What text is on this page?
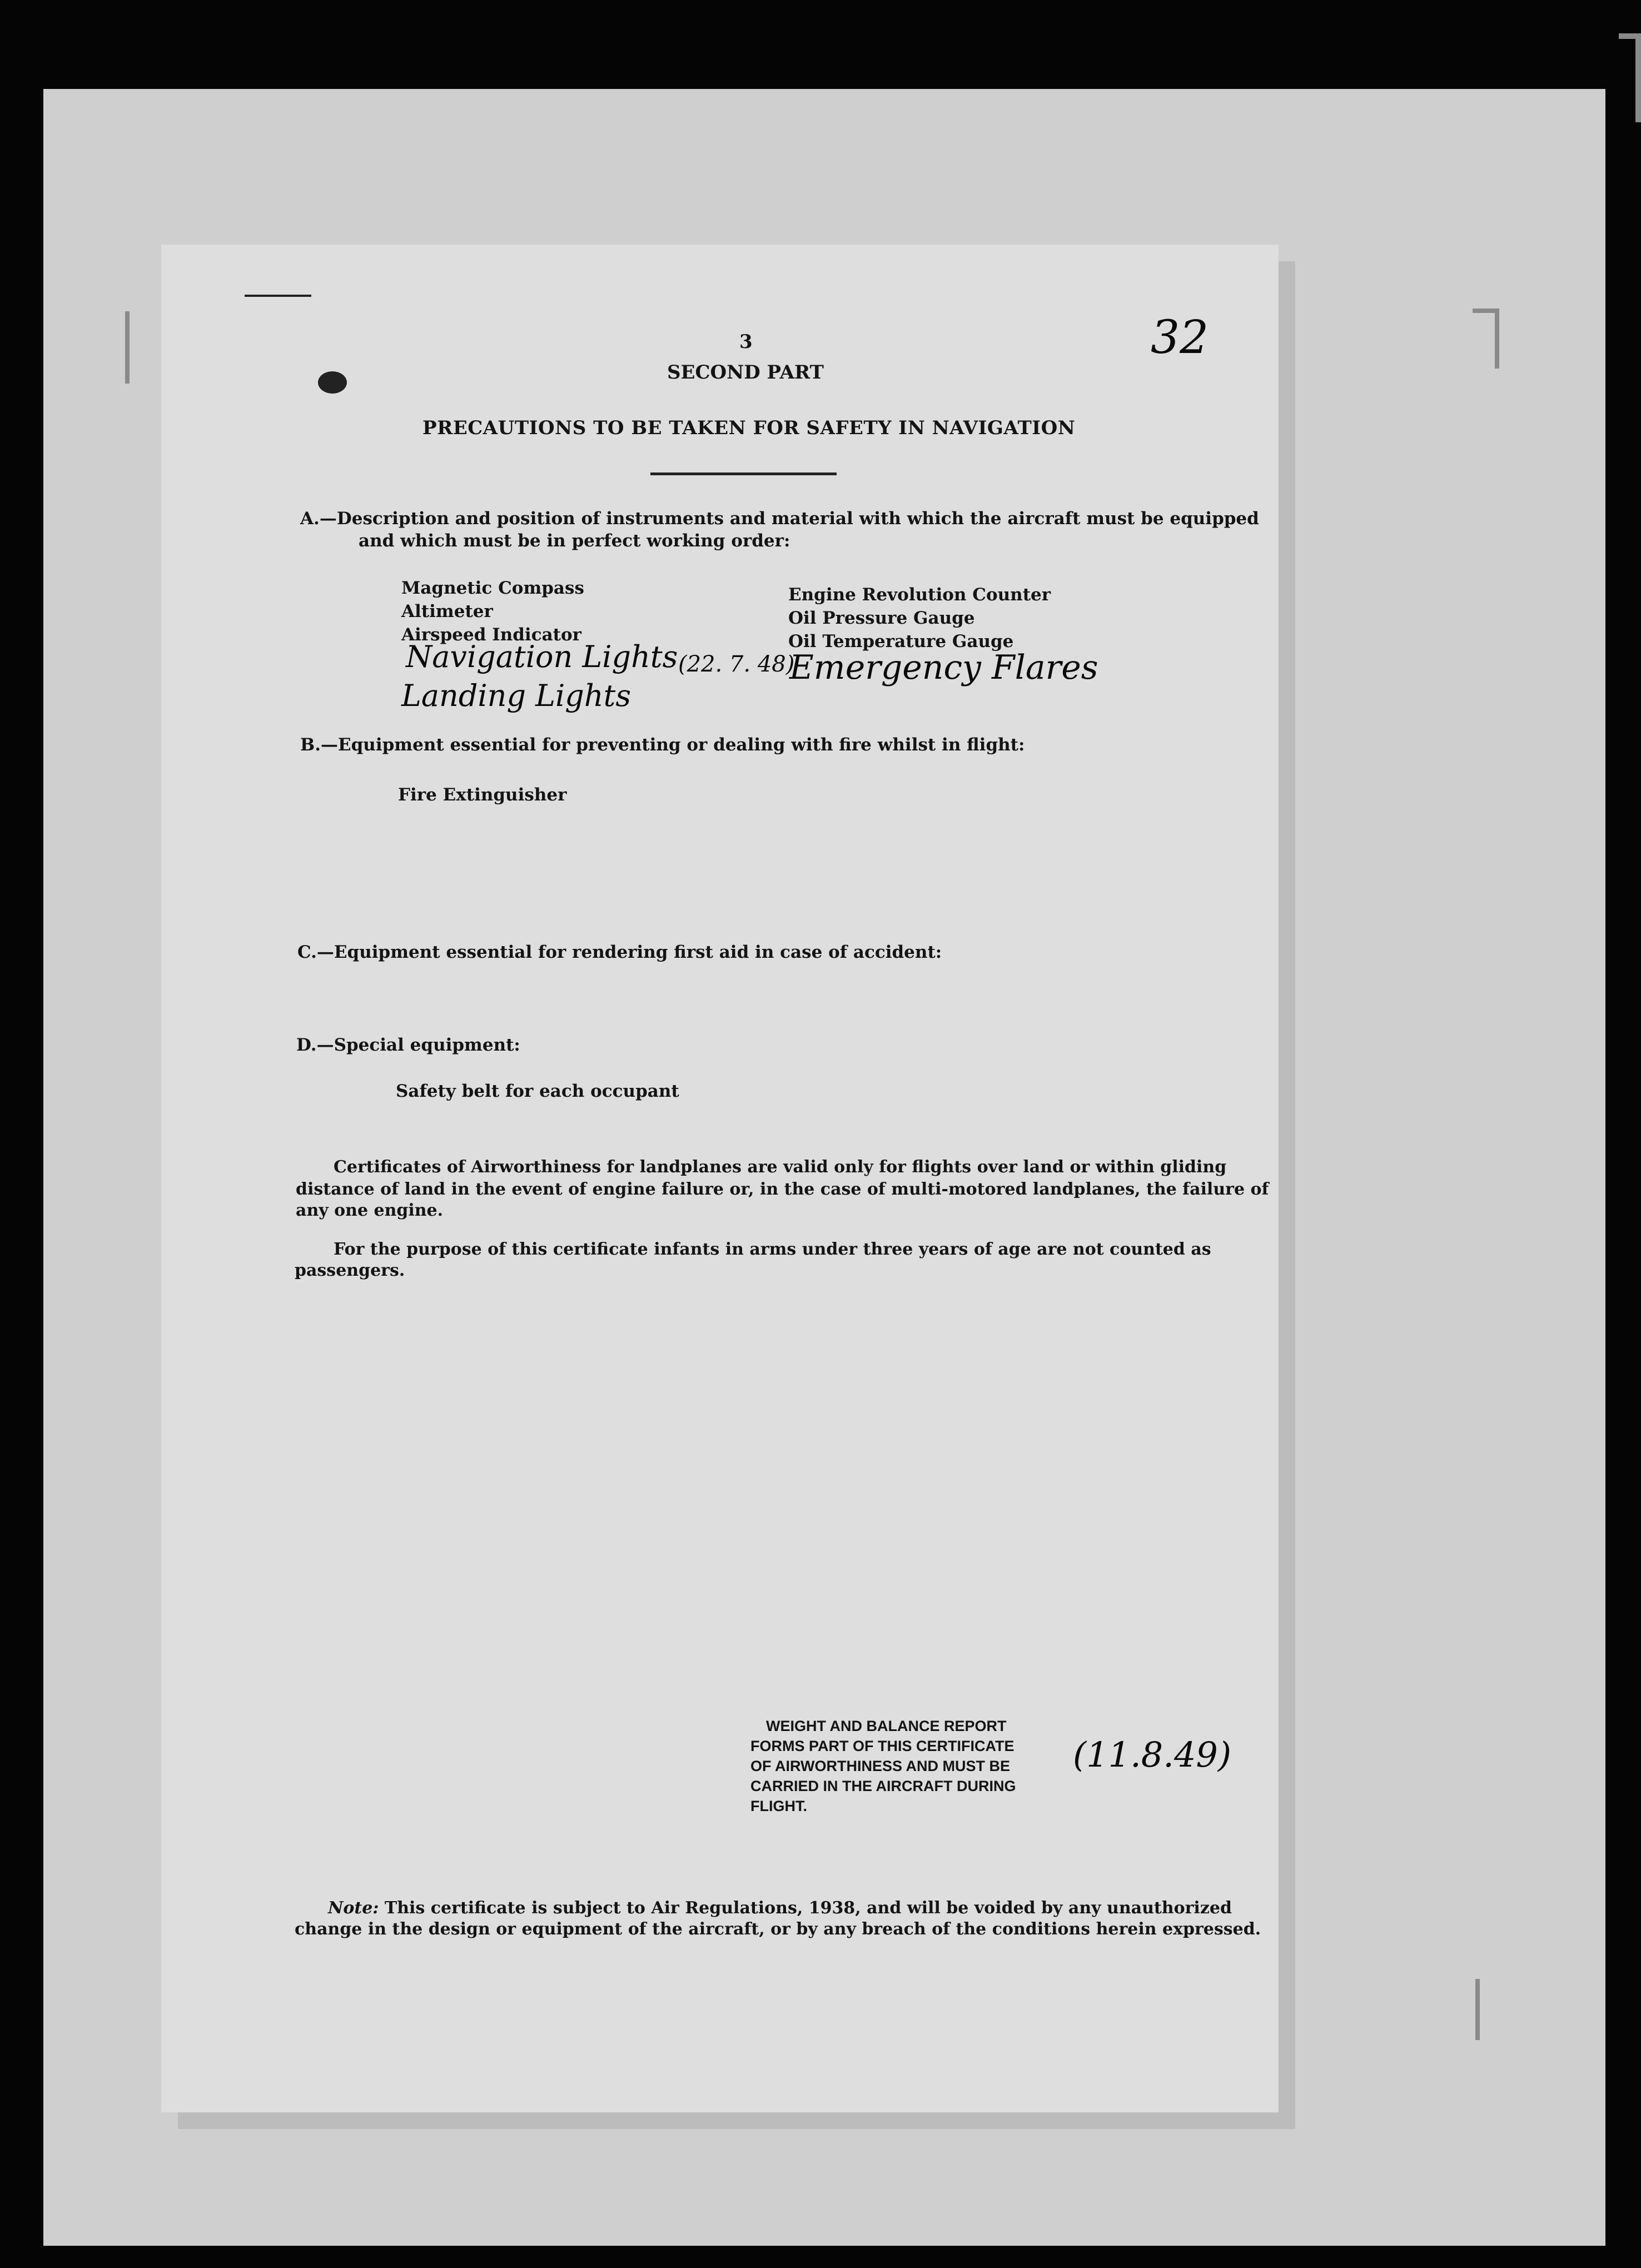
3	32
SECOND PART
PRECAUTIONS TO BE TAKEN FOR SAFETY IN NAVIGATION
A.—Description and position of instruments and material with which the aircraft must be equipped
and which must be in perfect working order:
Magnetic Compass
Altimeter
Airspeed Indicator
Engine Revolution Counter
Oil Pressure Gauge
Oil Temperature Gauge
Navigation Lights
Landing Lights
(22. 7. 48)
Emergency Flares
B.—Equipment essential for preventing or dealing with fire whilst in flight:
Fire Extinguisher
C.—Equipment essential for rendering first aid in case of accident:
D.—Special equipment:
Safety belt for each occupant
Certificates of Airworthiness for landplanes are valid only for flights over land or within gliding
distance of land in the event of engine failure or, in the case of multi-motored landplanes, the failure of
any one engine.
For the purpose of this certificate infants in arms under three years of age are not counted as
passengers.
WEIGHT AND BALANCE REPORT
FORMS PART OF THIS CERTIFICATE
OF AIRWORTHINESS AND MUST BE
CARRIED IN THE AIRCRAFT DURING
FLIGHT.
(11.8.49)
Note: This certificate is subject to Air Regulations, 1938, and will be voided by any unauthorized
change in the design or equipment of the aircraft, or by any breach of the conditions herein expressed.
